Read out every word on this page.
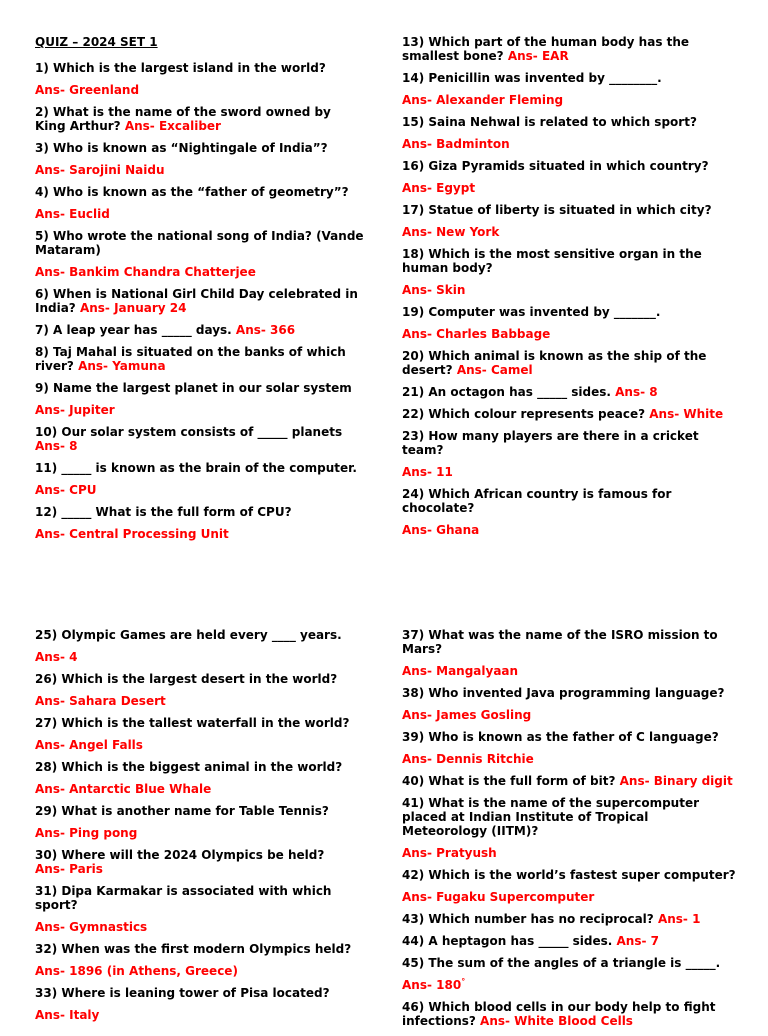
QUIZ – 2024 SET 1
1) Which is the largest island in the world?
Ans- Greenland
2) What is the name of the sword owned by King Arthur? Ans- Excaliber
3) Who is known as “Nightingale of India”?
Ans- Sarojini Naidu
4) Who is known as the “father of geometry”?
Ans- Euclid
5) Who wrote the national song of India? (Vande Mataram)
Ans- Bankim Chandra Chatterjee
6) When is National Girl Child Day celebrated in India? Ans- January 24
7) A leap year has _____ days. Ans- 366
8) Taj Mahal is situated on the banks of which river? Ans- Yamuna
9) Name the largest planet in our solar system
Ans- Jupiter
10) Our solar system consists of _____ planets
Ans- 8
11) _____ is known as the brain of the computer.
Ans- CPU
12) _____ What is the full form of CPU?
Ans- Central Processing Unit
13) Which part of the human body has the smallest bone? Ans- EAR
14) Penicillin was invented by ________.
Ans- Alexander Fleming
15) Saina Nehwal is related to which sport?
Ans- Badminton
16) Giza Pyramids situated in which country?
Ans- Egypt
17) Statue of liberty is situated in which city?
Ans- New York
18) Which is the most sensitive organ in the human body?
Ans- Skin
19) Computer was invented by _______.
Ans- Charles Babbage
20) Which animal is known as the ship of the desert? Ans- Camel
21) An octagon has _____ sides. Ans- 8
22) Which colour represents peace? Ans- White
23) How many players are there in a cricket team?
Ans- 11
24) Which African country is famous for chocolate?
Ans- Ghana
25) Olympic Games are held every ____ years.
Ans- 4
26) Which is the largest desert in the world?
Ans- Sahara Desert
27) Which is the tallest waterfall in the world?
Ans- Angel Falls
28) Which is the biggest animal in the world?
Ans- Antarctic Blue Whale
29) What is another name for Table Tennis?
Ans- Ping pong
30) Where will the 2024 Olympics be held?
Ans- Paris
31) Dipa Karmakar is associated with which sport?
Ans- Gymnastics
32) When was the first modern Olympics held?
Ans- 1896 (in Athens, Greece)
33) Where is leaning tower of Pisa located?
Ans- Italy
37) What was the name of the ISRO mission to Mars?
Ans- Mangalyaan
38) Who invented Java programming language?
Ans- James Gosling
39) Who is known as the father of C language?
Ans- Dennis Ritchie
40) What is the full form of bit? Ans- Binary digit
41) What is the name of the supercomputer placed at Indian Institute of Tropical Meteorology (IITM)?
Ans- Pratyush
42) Which is the world’s fastest super computer?
Ans- Fugaku Supercomputer
43) Which number has no reciprocal? Ans- 1
44) A heptagon has _____ sides. Ans- 7
45) The sum of the angles of a triangle is _____.
Ans- 180°
46) Which blood cells in our body help to fight infections? Ans- White Blood Cells
